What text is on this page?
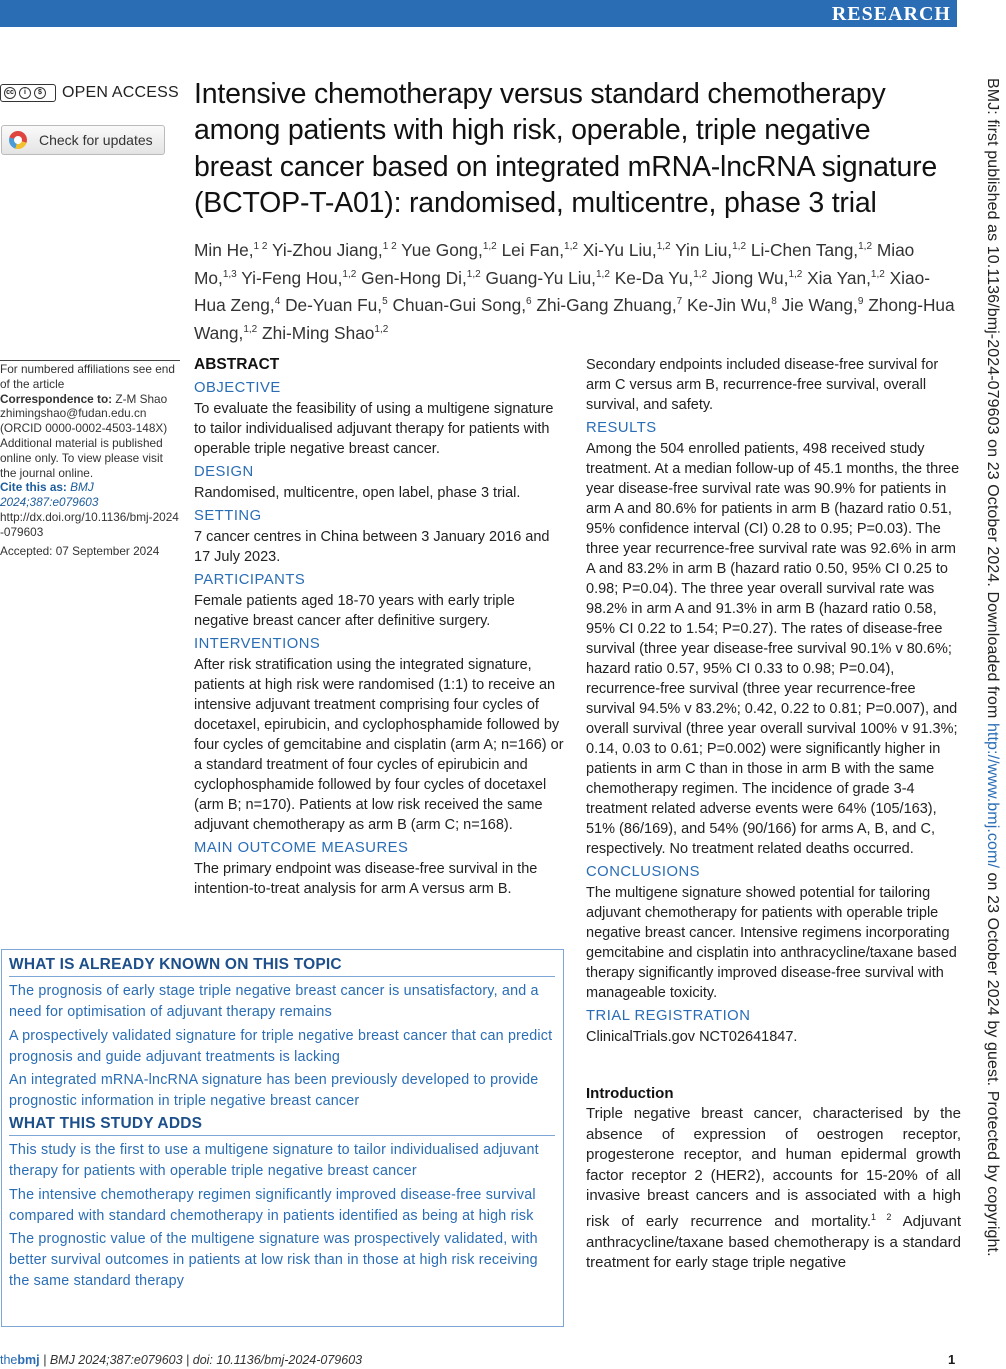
RESEARCH
cc	i	$ OPEN ACCESS
Check for updates
Intensive chemotherapy versus standard chemotherapy among patients with high risk, operable, triple negative breast cancer based on integrated mRNA-lncRNA signature (BCTOP-T-A01): randomised, multicentre, phase 3 trial
Min He,$^{1 2}$ Yi-Zhou Jiang,$^{1 2}$ Yue Gong,$^{1,2}$ Lei Fan,$^{1,2}$ Xi-Yu Liu,$^{1,2}$ Yin Liu,$^{1,2}$ Li-Chen Tang,$^{1,2}$ Miao Mo,$^{1,3}$ Yi-Feng Hou,$^{1,2}$ Gen-Hong Di,$^{1,2}$ Guang-Yu Liu,$^{1,2}$ Ke-Da Yu,$^{1,2}$ Jiong Wu,$^{1,2}$ Xia Yan,$^{1,2}$ Xiao-Hua Zeng,$^4$ De-Yuan Fu,$^5$ Chuan-Gui Song,$^6$ Zhi-Gang Zhuang,$^7$ Ke-Jin Wu,$^8$ Jie Wang,$^9$ Zhong-Hua Wang,$^{1,2}$ Zhi-Ming Shao$^{1,2}$

For numbered affiliations see end of the article

Correspondence to: Z-M Shao

zhimingshao@fudan.edu.cn

(ORCID 0000-0002-4503-148X)

Additional material is published online only. To view please visit the journal online.

Cite this as: BMJ 2024;387:e079603

http://dx.doi.org/10.1136/bmj-2024-079603

Accepted: 07 September 2024

ABSTRACT

OBJECTIVE

To evaluate the feasibility of using a multigene signature to tailor individualised adjuvant therapy for patients with operable triple negative breast cancer.

DESIGN

Randomised, multicentre, open label, phase 3 trial.

SETTING

7 cancer centres in China between 3 January 2016 and 17 July 2023.

PARTICIPANTS

Female patients aged 18-70 years with early triple negative breast cancer after definitive surgery.

INTERVENTIONS

After risk stratification using the integrated signature, patients at high risk were randomised (1:1) to receive an intensive adjuvant treatment comprising four cycles of docetaxel, epirubicin, and cyclophosphamide followed by four cycles of gemcitabine and cisplatin (arm A; n=166) or a standard treatment of four cycles of epirubicin and cyclophosphamide followed by four cycles of docetaxel (arm B; n=170). Patients at low risk received the same adjuvant chemotherapy as arm B (arm C; n=168).

MAIN OUTCOME MEASURES

The primary endpoint was disease-free survival in the intention-to-treat analysis for arm A versus arm B.

Secondary endpoints included disease-free survival for arm C versus arm B, recurrence-free survival, overall survival, and safety.

RESULTS

Among the 504 enrolled patients, 498 received study treatment. At a median follow-up of 45.1 months, the three year disease-free survival rate was 90.9% for patients in arm A and 80.6% for patients in arm B (hazard ratio 0.51, 95% confidence interval (CI) 0.28 to 0.95; P=0.03). The three year recurrence-free survival rate was 92.6% in arm A and 83.2% in arm B (hazard ratio 0.50, 95% CI 0.25 to 0.98; P=0.04). The three year overall survival rate was 98.2% in arm A and 91.3% in arm B (hazard ratio 0.58, 95% CI 0.22 to 1.54; P=0.27). The rates of disease-free survival (three year disease-free survival 90.1% v 80.6%; hazard ratio 0.57, 95% CI 0.33 to 0.98; P=0.04), recurrence-free survival (three year recurrence-free survival 94.5% v 83.2%; 0.42, 0.22 to 0.81; P=0.007), and overall survival (three year overall survival 100% v 91.3%; 0.14, 0.03 to 0.61; P=0.002) were significantly higher in patients in arm C than in those in arm B with the same chemotherapy regimen. The incidence of grade 3-4 treatment related adverse events were 64% (105/163), 51% (86/169), and 54% (90/166) for arms A, B, and C, respectively. No treatment related deaths occurred.

CONCLUSIONS

The multigene signature showed potential for tailoring adjuvant chemotherapy for patients with operable triple negative breast cancer. Intensive regimens incorporating gemcitabine and cisplatin into anthracycline/taxane based therapy significantly improved disease-free survival with manageable toxicity.

TRIAL REGISTRATION

ClinicalTrials.gov NCT02641847.

Introduction

Triple negative breast cancer, characterised by the absence of expression of oestrogen receptor, progesterone receptor, and human epidermal growth factor receptor 2 (HER2), accounts for 15-20% of all invasive breast cancers and is associated with a high risk of early recurrence and mortality.$^{1 2}$ Adjuvant anthracycline/taxane based chemotherapy is a standard treatment for early stage triple negative

WHAT IS ALREADY KNOWN ON THIS TOPIC

The prognosis of early stage triple negative breast cancer is unsatisfactory, and a need for optimisation of adjuvant therapy remains

A prospectively validated signature for triple negative breast cancer that can predict prognosis and guide adjuvant treatments is lacking

An integrated mRNA-lncRNA signature has been previously developed to provide prognostic information in triple negative breast cancer

WHAT THIS STUDY ADDS

This study is the first to use a multigene signature to tailor individualised adjuvant therapy for patients with operable triple negative breast cancer

The intensive chemotherapy regimen significantly improved disease-free survival compared with standard chemotherapy in patients identified as being at high risk

The prognostic value of the multigene signature was prospectively validated, with better survival outcomes in patients at low risk than in those at high risk receiving the same standard therapy

thebmj | BMJ 2024;387:e079603 | doi: 10.1136/bmj-2024-079603	1
BMJ: first published as 10.1136/bmj-2024-079603 on 23 October 2024. Downloaded from http://www.bmj.com/ on 23 October 2024 by guest. Protected by copyright.
